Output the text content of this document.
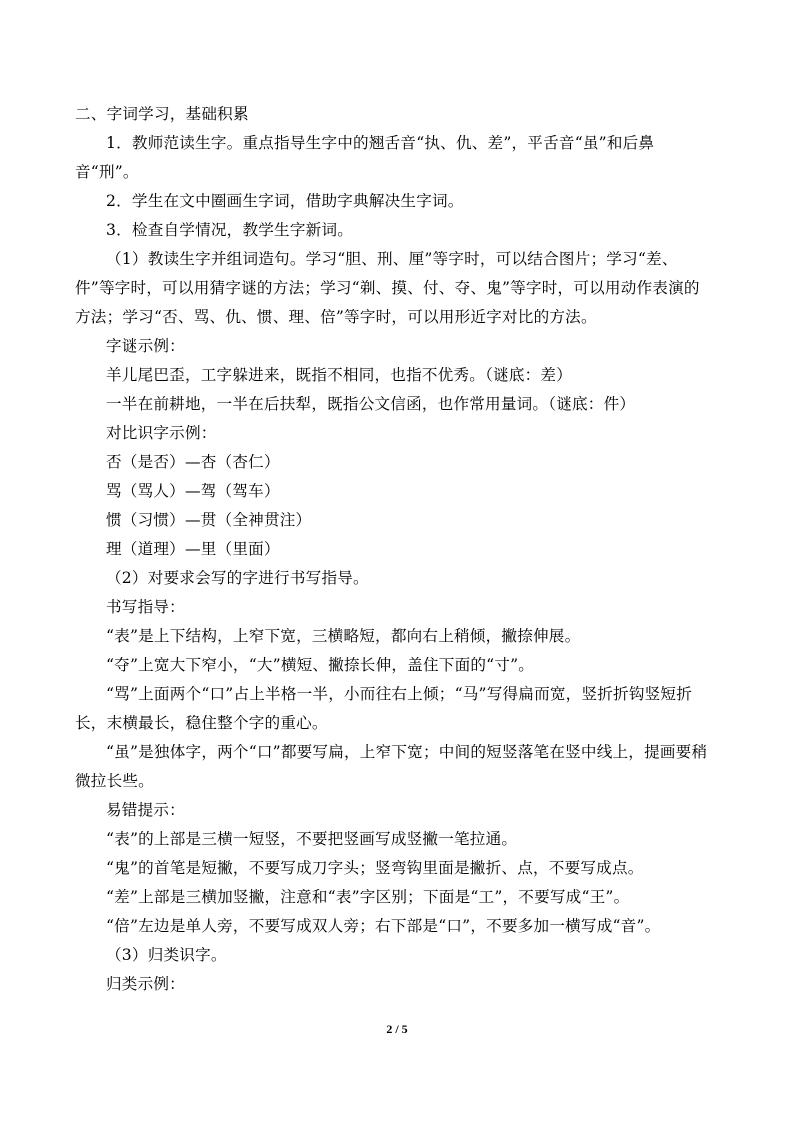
二、字词学习，基础积累

1．教师范读生字。重点指导生字中的翘舌音“执、仇、差”，平舌音“虽”和后鼻音“刑”。

2．学生在文中圈画生字词，借助字典解决生字词。

3．检查自学情况，教学生字新词。

（1）教读生字并组词造句。学习“胆、刑、厘”等字时，可以结合图片；学习“差、件”等字时，可以用猜字谜的方法；学习“剃、摸、付、夺、鬼”等字时，可以用动作表演的方法；学习“否、骂、仇、惯、理、倍”等字时，可以用形近字对比的方法。

字谜示例：

羊儿尾巴歪，工字躲进来，既指不相同，也指不优秀。（谜底：差）

一半在前耕地，一半在后扶犁，既指公文信函，也作常用量词。（谜底：件）

对比识字示例：

否（是否）—杏（杏仁）

骂（骂人）—驾（驾车）

惯（习惯）—贯（全神贯注）

理（道理）—里（里面）

（2）对要求会写的字进行书写指导。

书写指导：

“表”是上下结构，上窄下宽，三横略短，都向右上稍倾，撇捺伸展。

“夺”上宽大下窄小，“大”横短、撇捺长伸，盖住下面的“寸”。

“骂”上面两个“口”占上半格一半，小而往右上倾；“马”写得扁而宽，竖折折钩竖短折长，末横最长，稳住整个字的重心。

“虽”是独体字，两个“口”都要写扁，上窄下宽；中间的短竖落笔在竖中线上，提画要稍微拉长些。

易错提示：

“表”的上部是三横一短竖，不要把竖画写成竖撇一笔拉通。

“鬼”的首笔是短撇，不要写成刀字头；竖弯钩里面是撇折、点，不要写成点。

“差”上部是三横加竖撇，注意和“表”字区别；下面是“工”，不要写成“王”。

“倍”左边是单人旁，不要写成双人旁；右下部是“口”，不要多加一横写成“音”。

（3）归类识字。

归类示例：

2 / 5
